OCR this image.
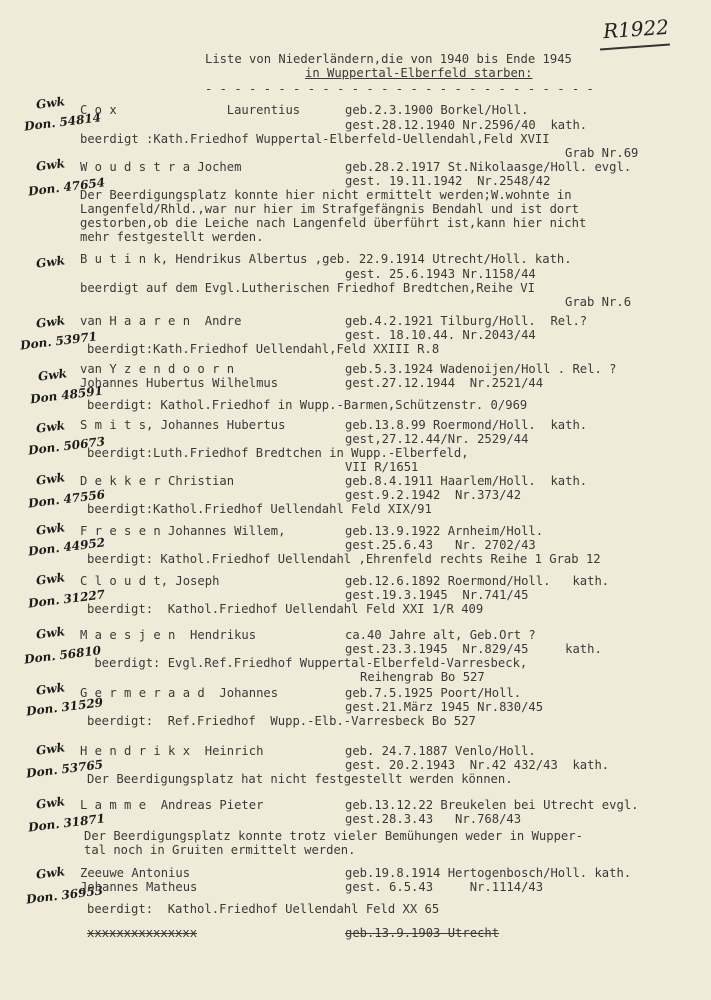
R1922
Liste von Niederländern,die von 1940 bis Ende 1945
in Wuppertal-Elberfeld starben:
- - - - - - - - - - - - - - - - - - - - - - - - - - -
Gwk
Don. 54814
C o x               Laurentius	geb.2.3.1900 Borkel/Holl.
gest.28.12.1940 Nr.2596/40  kath.
beerdigt :Kath.Friedhof Wuppertal-Elberfeld-Uellendahl,Feld XVII
Grab Nr.69
Gwk
Don. 47654
W o u d s t r a Jochem	geb.28.2.1917 St.Nikolaasge/Holl. evgl.
gest. 19.11.1942  Nr.2548/42
Der Beerdigungsplatz konnte hier nicht ermittelt werden;W.wohnte in
Langenfeld/Rhld.,war nur hier im Strafgefängnis Bendahl und ist dort
gestorben,ob die Leiche nach Langenfeld überführt ist,kann hier nicht
mehr festgestellt werden.
Gwk B u t i n k, Hendrikus Albertus ,geb. 22.9.1914 Utrecht/Holl. kath.
gest. 25.6.1943 Nr.1158/44
beerdigt auf dem Evgl.Lutherischen Friedhof Bredtchen,Reihe VI
Grab Nr.6
Gwk
Don. 53971
van H a a r e n  Andre	geb.4.2.1921 Tilburg/Holl.  Rel.?
gest. 18.10.44. Nr.2043/44
beerdigt:Kath.Friedhof Uellendahl,Feld XXIII R.8
Gwk
Don 48591
van Y z e n d o o r n	geb.5.3.1924 Wadenoijen/Holl . Rel. ?
Johannes Hubertus Wilhelmus	gest.27.12.1944  Nr.2521/44
beerdigt: Kathol.Friedhof in Wupp.-Barmen,Schützenstr. 0/969
Gwk
Don. 50673
S m i t s, Johannes Hubertus	geb.13.8.99 Roermond/Holl.  kath.
gest,27.12.44/Nr. 2529/44
beerdigt:Luth.Friedhof Bredtchen in Wupp.-Elberfeld,
VII R/1651
Gwk
Don. 47556
D e k k e r Christian	geb.8.4.1911 Haarlem/Holl.  kath.
gest.9.2.1942  Nr.373/42
beerdigt:Kathol.Friedhof Uellendahl Feld XIX/91
Gwk
Don. 44952
F r e s e n Johannes Willem,	geb.13.9.1922 Arnheim/Holl.
gest.25.6.43   Nr. 2702/43
beerdigt: Kathol.Friedhof Uellendahl ,Ehrenfeld rechts Reihe 1 Grab 12
Gwk
Don. 31227
C l o u d t, Joseph	geb.12.6.1892 Roermond/Holl.   kath.
gest.19.3.1945  Nr.741/45
beerdigt:  Kathol.Friedhof Uellendahl Feld XXI 1/R 409
Gwk
Don. 56810
M a e s j e n  Hendrikus	ca.40 Jahre alt, Geb.Ort ?
gest.23.3.1945  Nr.829/45     kath.
beerdigt: Evgl.Ref.Friedhof Wuppertal-Elberfeld-Varresbeck,
Reihengrab Bo 527
Gwk
Don. 31529
G e r m e r a a d  Johannes	geb.7.5.1925 Poort/Holl.
gest.21.März 1945 Nr.830/45
beerdigt:  Ref.Friedhof  Wupp.-Elb.-Varresbeck Bo 527
Gwk
Don. 53765
H e n d r i k x  Heinrich	geb. 24.7.1887 Venlo/Holl.
gest. 20.2.1943  Nr.42 432/43  kath.
Der Beerdigungsplatz hat nicht festgestellt werden können.
Gwk
Don. 31871
L a m m e  Andreas Pieter	geb.13.12.22 Breukelen bei Utrecht evgl.
gest.28.3.43   Nr.768/43
Der Beerdigungsplatz konnte trotz vieler Bemühungen weder in Wupper-
tal noch in Gruiten ermittelt werden.
Gwk
Don. 36953
Zeeuwe Antonius	geb.19.8.1914 Hertogenbosch/Holl. kath.
Johannes Matheus	gest. 6.5.43     Nr.1114/43
beerdigt:  Kathol.Friedhof Uellendahl Feld XX 65
xxxxxxxxxxxxxxx	geb.13.9.1903 Utrecht
